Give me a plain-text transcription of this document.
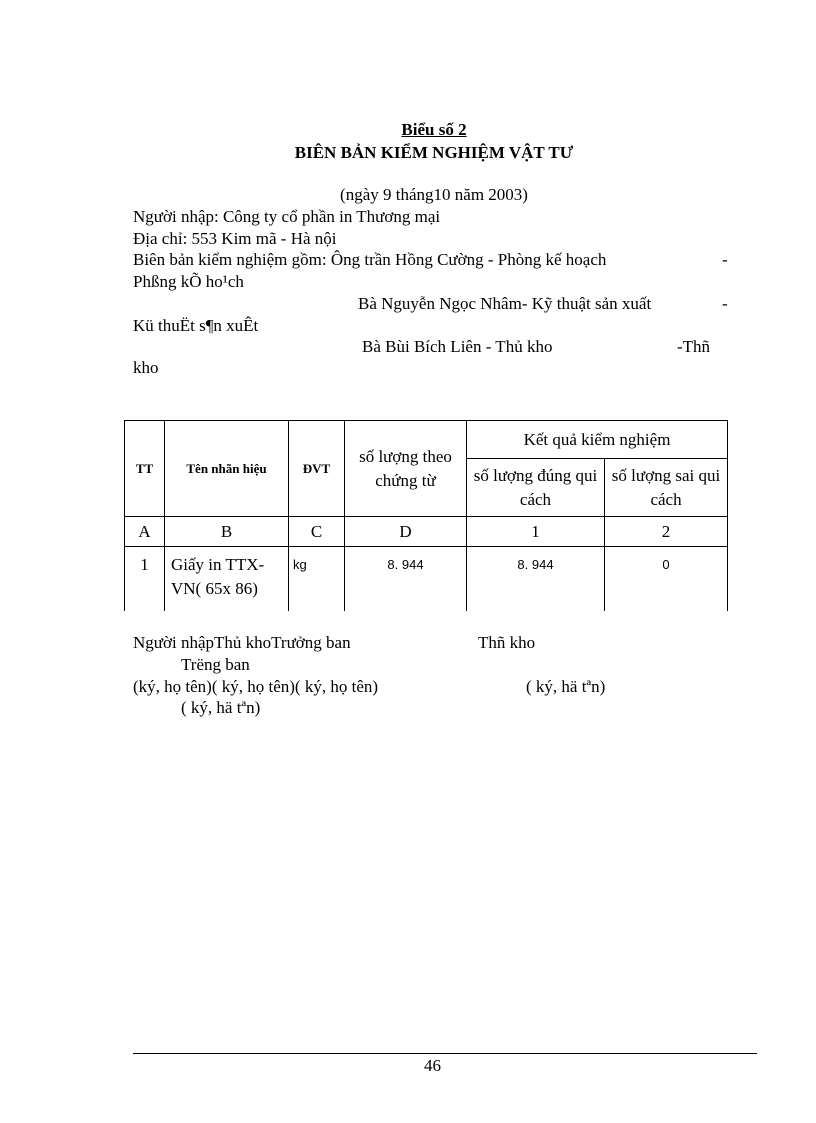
Biểu số 2
BIÊN BẢN KIỂM NGHIỆM VẬT TƯ
(ngày 9 tháng10 năm 2003)
Người nhập: Công ty cổ phần in Thương mại
Địa chỉ: 553 Kim mã - Hà nội
Biên bản kiểm nghiệm gồm: Ông trần Hồng Cường - Phòng kế hoạch	-
Phßng kÕ ho¹ch
Bà Nguyễn Ngọc Nhâm- Kỹ thuật sản xuất	-
Kü thuËt s¶n xuÊt
Bà Bùi Bích Liên - Thủ kho	-Thñ
kho
TT	Tên nhãn hiệu	ĐVT	số lượng theo chứng từ	Kết quả kiểm nghiệm	
				số lượng đúng qui cách	số lượng sai qui cách
A	B	C	D	1	2
1	Giấy in TTX-VN( 65x 86)	kg	8. 944	8. 944	0
Người nhậpThủ khoTrưởng ban	Thñ kho
Trëng ban
(ký, họ tên)( ký, họ tên)( ký, họ tên)	( ký, hä tªn)
( ký, hä tªn)
46
